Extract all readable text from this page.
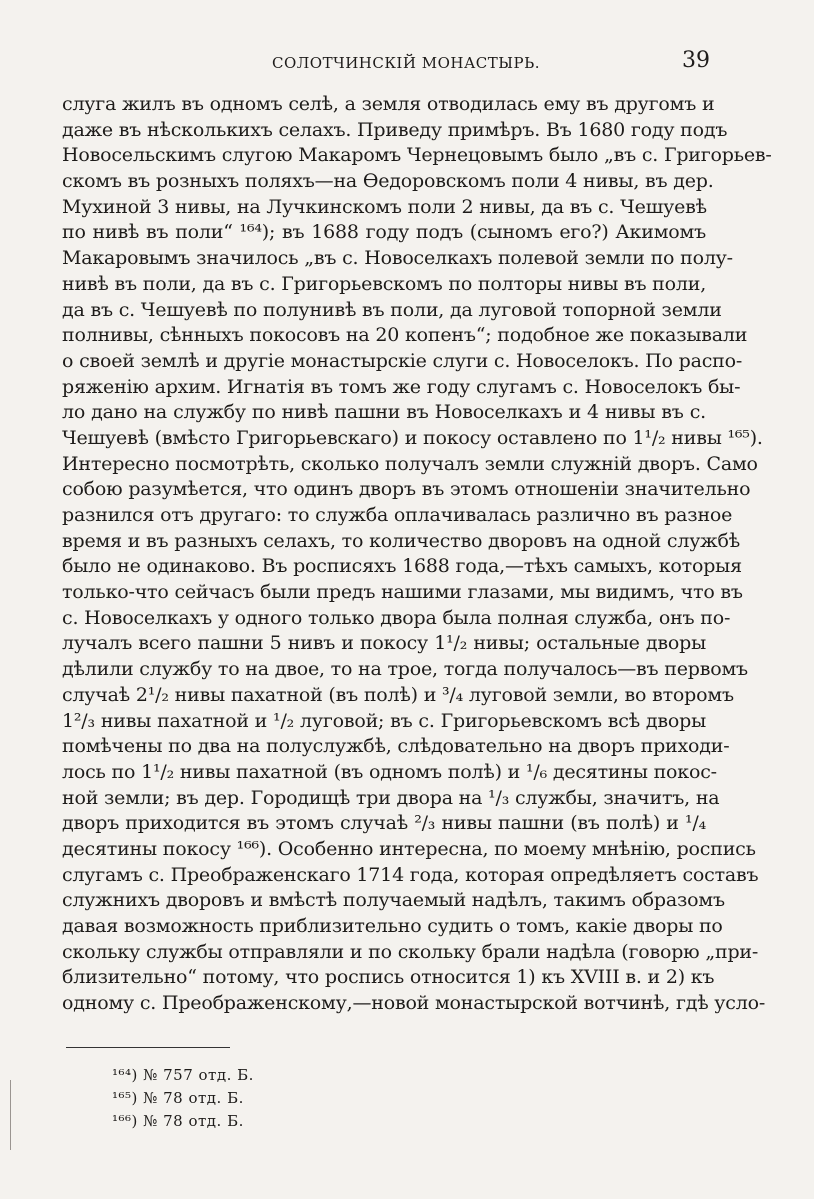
СОЛОТЧИНСКІЙ МОНАСТЫРЬ.	39
слуга жилъ въ одномъ селѣ, а земля отводилась ему въ другомъ и
даже въ нѣсколькихъ селахъ. Приведу примѣръ. Въ 1680 году подъ
Новосельскимъ слугою Макаромъ Чернецовымъ было „въ с. Григорьев-
скомъ въ розныхъ поляхъ—на Ѳедоровскомъ поли 4 нивы, въ дер.
Мухиной 3 нивы, на Лучкинскомъ поли 2 нивы, да въ с. Чешуевѣ
по нивѣ въ поли“ ¹⁶⁴); въ 1688 году подъ (сыномъ его?) Акимомъ
Макаровымъ значилось „въ с. Новоселкахъ полевой земли по полу-
нивѣ въ поли, да въ с. Григорьевскомъ по полторы нивы въ поли,
да въ с. Чешуевѣ по полунивѣ въ поли, да луговой топорной земли
полнивы, сѣнныхъ покосовъ на 20 копенъ“; подобное же показывали
о своей землѣ и другіе монастырскіе слуги с. Новоселокъ. По распо-
ряженію архим. Игнатія въ томъ же году слугамъ с. Новоселокъ бы-
ло дано на службу по нивѣ пашни въ Новоселкахъ и 4 нивы въ с.
Чешуевѣ (вмѣсто Григорьевскаго) и покосу оставлено по 1¹/₂ нивы ¹⁶⁵).
Интересно посмотрѣть, сколько получалъ земли служній дворъ. Само
собою разумѣется, что одинъ дворъ въ этомъ отношеніи значительно
разнился отъ другаго: то служба оплачивалась различно въ разное
время и въ разныхъ селахъ, то количество дворовъ на одной службѣ
было не одинаково. Въ росписяхъ 1688 года,—тѣхъ самыхъ, которыя
только-что сейчасъ были предъ нашими глазами, мы видимъ, что въ
с. Новоселкахъ у одного только двора была полная служба, онъ по-
лучалъ всего пашни 5 нивъ и покосу 1¹/₂ нивы; остальные дворы
дѣлили службу то на двое, то на трое, тогда получалось—въ первомъ
случаѣ 2¹/₂ нивы пахатной (въ полѣ) и ³/₄ луговой земли, во второмъ
1²/₃ нивы пахатной и ¹/₂ луговой; въ с. Григорьевскомъ всѣ дворы
помѣчены по два на полуслужбѣ, слѣдовательно на дворъ приходи-
лось по 1¹/₂ нивы пахатной (въ одномъ полѣ) и ¹/₆ десятины покос-
ной земли; въ дер. Городищѣ три двора на ¹/₃ службы, значитъ, на
дворъ приходится въ этомъ случаѣ ²/₃ нивы пашни (въ полѣ) и ¹/₄
десятины покосу ¹⁶⁶). Особенно интересна, по моему мнѣнію, роспись
слугамъ с. Преображенскаго 1714 года, которая опредѣляетъ составъ
служнихъ дворовъ и вмѣстѣ получаемый надѣлъ, такимъ образомъ
давая возможность приблизительно судить о томъ, какіе дворы по
скольку службы отправляли и по скольку брали надѣла (говорю „при-
близительно“ потому, что роспись относится 1) къ XVIII в. и 2) къ
одному с. Преображенскому,—новой монастырской вотчинѣ, гдѣ усло-
¹⁶⁴) № 757 отд. Б.
¹⁶⁵) № 78 отд. Б.
¹⁶⁶) № 78 отд. Б.
